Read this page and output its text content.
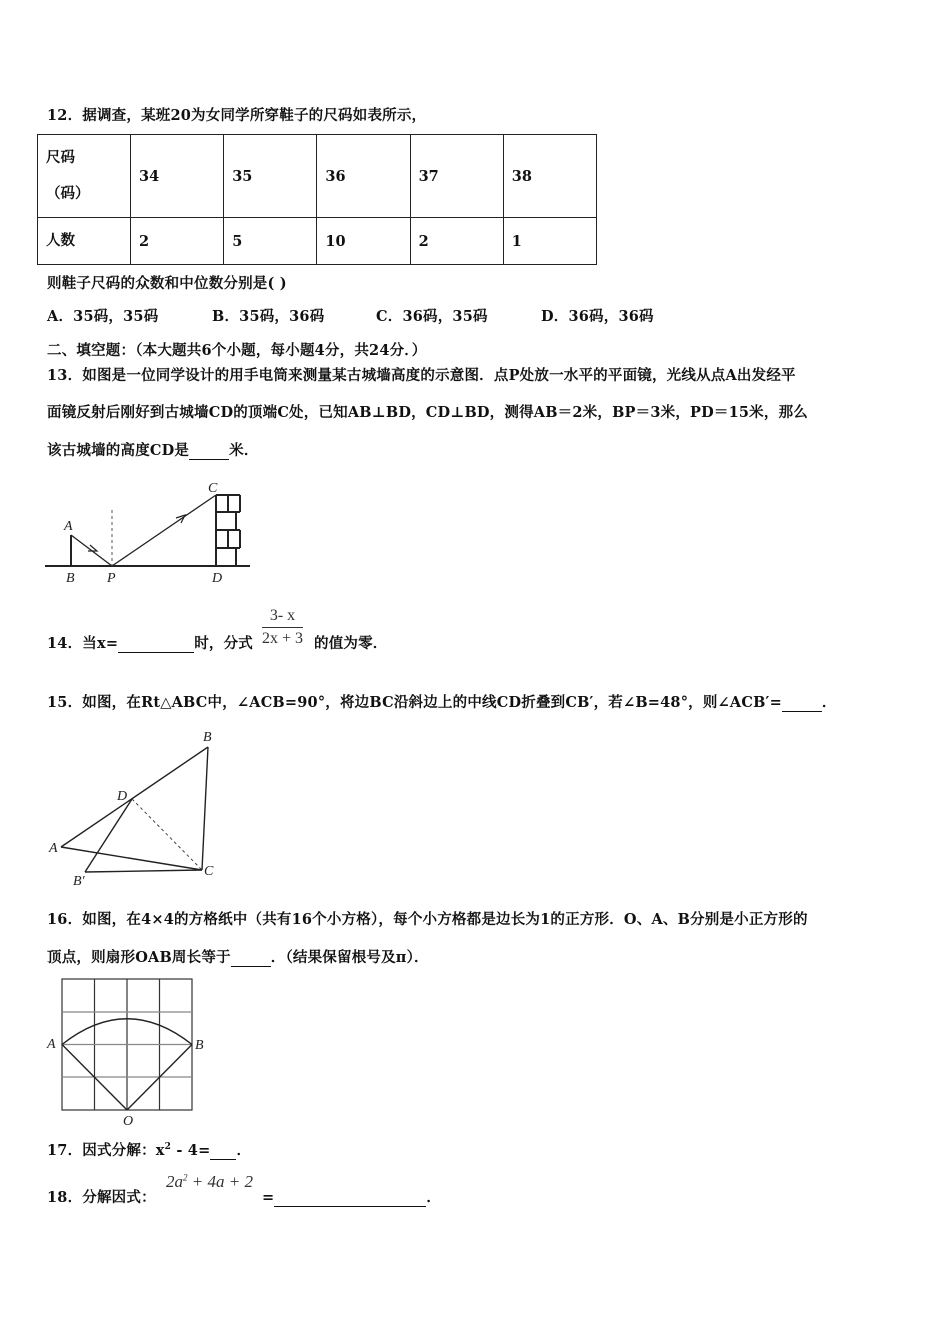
12．据调查，某班20为女同学所穿鞋子的尺码如表所示，
尺码
（码）	34	35	36	37	38
人数	2	5	10	2	1
则鞋子尺码的众数和中位数分别是( )
A．35码，35码	B．35码，36码	C．36码，35码	D．36码，36码
二、填空题：（本大题共6个小题，每小题4分，共24分．）
13．如图是一位同学设计的用手电筒来测量某古城墙高度的示意图．点P处放一水平的平面镜，光线从点A出发经平
面镜反射后刚好到古城墙CD的顶端C处，已知AB⊥BD，CD⊥BD，测得AB＝2米，BP＝3米，PD＝15米，那么
该古城墙的高度CD是	米．
A
B P
C
D
14．当x=	时，分式 $\frac{3- x}{2x + 3}$ 的值为零．
15．如图，在Rt△ABC中，∠ACB=90°，将边BC沿斜边上的中线CD折叠到CB′，若∠B=48°，则∠ACB′=	．
B
D
A
B′
C
16．如图，在4×4的方格纸中（共有16个小方格），每个小方格都是边长为1的正方形．O、A、B分别是小正方形的
顶点，则扇形OAB周长等于	．（结果保留根号及π）．
A	B
O
17．因式分解：$x^2 - 4=$ ．
18．分解因式：
$2a^2 + 4a + 2$
=	．
